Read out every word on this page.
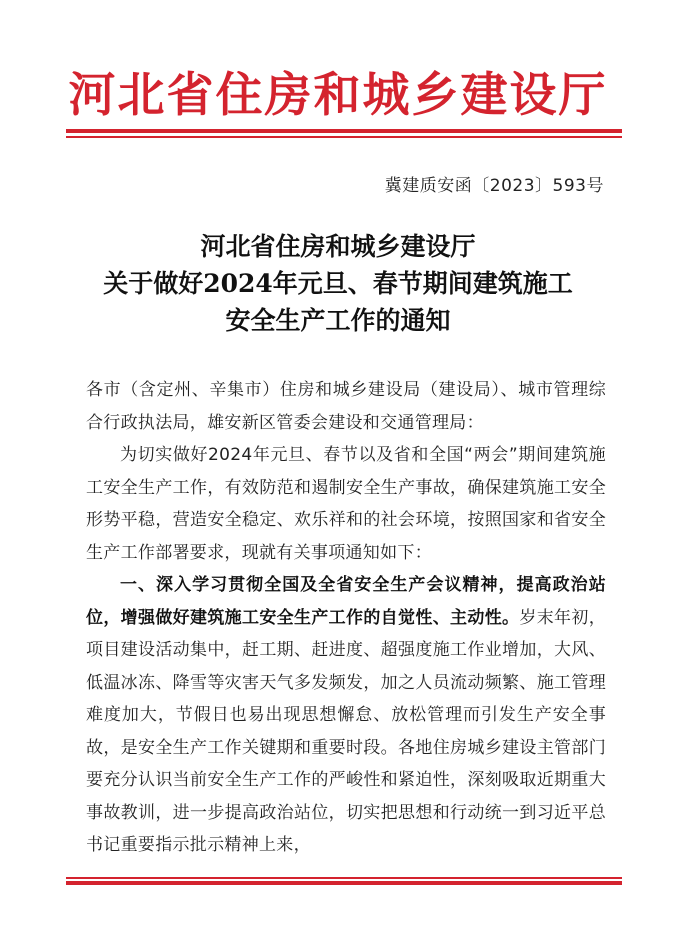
河北省住房和城乡建设厅
冀建质安函〔2023〕593号
河北省住房和城乡建设厅
关于做好2024年元旦、春节期间建筑施工
安全生产工作的通知

各市（含定州、辛集市）住房和城乡建设局（建设局）、城市管理综合行政执法局，雄安新区管委会建设和交通管理局：

为切实做好2024年元旦、春节以及省和全国“两会”期间建筑施工安全生产工作，有效防范和遏制安全生产事故，确保建筑施工安全形势平稳，营造安全稳定、欢乐祥和的社会环境，按照国家和省安全生产工作部署要求，现就有关事项通知如下：

一、深入学习贯彻全国及全省安全生产会议精神，提高政治站位，增强做好建筑施工安全生产工作的自觉性、主动性。岁末年初，项目建设活动集中，赶工期、赶进度、超强度施工作业增加，大风、低温冰冻、降雪等灾害天气多发频发，加之人员流动频繁、施工管理难度加大，节假日也易出现思想懈怠、放松管理而引发生产安全事故，是安全生产工作关键期和重要时段。各地住房城乡建设主管部门要充分认识当前安全生产工作的严峻性和紧迫性，深刻吸取近期重大事故教训，进一步提高政治站位，切实把思想和行动统一到习近平总书记重要指示批示精神上来，
